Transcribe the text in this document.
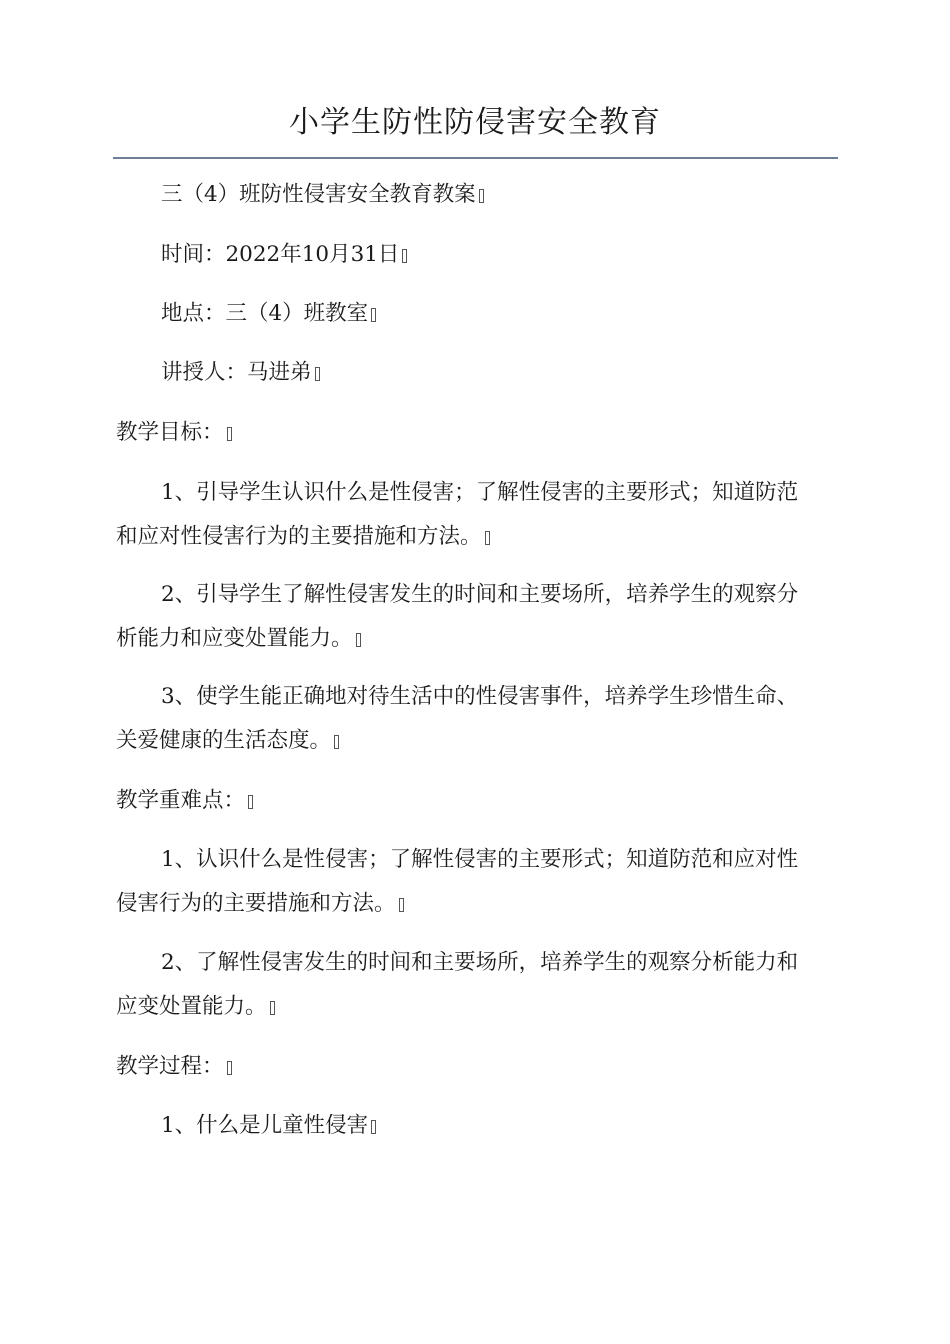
小学生防性防侵害安全教育
三（4）班防性侵害安全教育教案
时间：2022年10月31日
地点：三（4）班教室
讲授人：马进弟
教学目标：
1、引导学生认识什么是性侵害；了解性侵害的主要形式；知道防范
和应对性侵害行为的主要措施和方法。
2、引导学生了解性侵害发生的时间和主要场所，培养学生的观察分
析能力和应变处置能力。
3、使学生能正确地对待生活中的性侵害事件，培养学生珍惜生命、
关爱健康的生活态度。
教学重难点：
1、认识什么是性侵害；了解性侵害的主要形式；知道防范和应对性
侵害行为的主要措施和方法。
2、了解性侵害发生的时间和主要场所，培养学生的观察分析能力和
应变处置能力。
教学过程：
1、什么是儿童性侵害
